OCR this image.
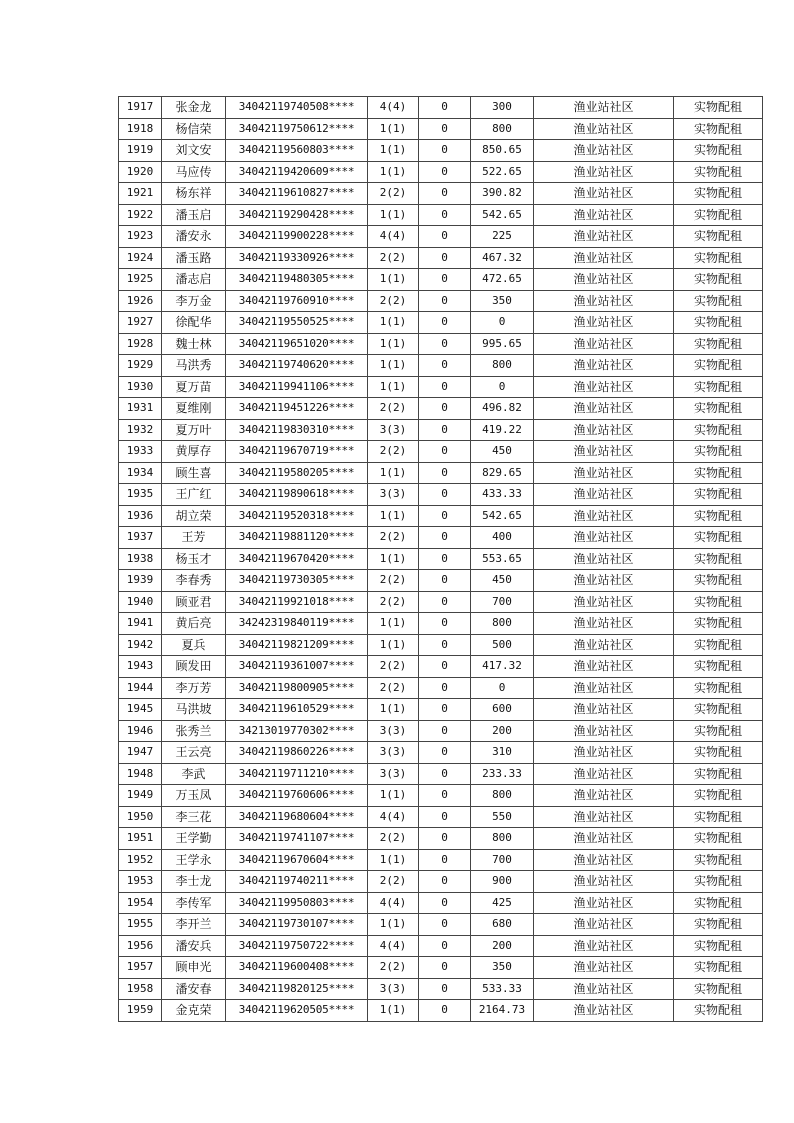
1917	张金龙	34042119740508****	4(4)	0	300	渔业站社区	实物配租
1918	杨信荣	34042119750612****	1(1)	0	800	渔业站社区	实物配租
1919	刘文安	34042119560803****	1(1)	0	850.65	渔业站社区	实物配租
1920	马应传	34042119420609****	1(1)	0	522.65	渔业站社区	实物配租
1921	杨东祥	34042119610827****	2(2)	0	390.82	渔业站社区	实物配租
1922	潘玉启	34042119290428****	1(1)	0	542.65	渔业站社区	实物配租
1923	潘安永	34042119900228****	4(4)	0	225	渔业站社区	实物配租
1924	潘玉路	34042119330926****	2(2)	0	467.32	渔业站社区	实物配租
1925	潘志启	34042119480305****	1(1)	0	472.65	渔业站社区	实物配租
1926	李万金	34042119760910****	2(2)	0	350	渔业站社区	实物配租
1927	徐配华	34042119550525****	1(1)	0	0	渔业站社区	实物配租
1928	魏士林	34042119651020****	1(1)	0	995.65	渔业站社区	实物配租
1929	马洪秀	34042119740620****	1(1)	0	800	渔业站社区	实物配租
1930	夏万苗	34042119941106****	1(1)	0	0	渔业站社区	实物配租
1931	夏维刚	34042119451226****	2(2)	0	496.82	渔业站社区	实物配租
1932	夏万叶	34042119830310****	3(3)	0	419.22	渔业站社区	实物配租
1933	黄厚存	34042119670719****	2(2)	0	450	渔业站社区	实物配租
1934	顾生喜	34042119580205****	1(1)	0	829.65	渔业站社区	实物配租
1935	王广红	34042119890618****	3(3)	0	433.33	渔业站社区	实物配租
1936	胡立荣	34042119520318****	1(1)	0	542.65	渔业站社区	实物配租
1937	王芳	34042119881120****	2(2)	0	400	渔业站社区	实物配租
1938	杨玉才	34042119670420****	1(1)	0	553.65	渔业站社区	实物配租
1939	李春秀	34042119730305****	2(2)	0	450	渔业站社区	实物配租
1940	顾亚君	34042119921018****	2(2)	0	700	渔业站社区	实物配租
1941	黄后亮	34242319840119****	1(1)	0	800	渔业站社区	实物配租
1942	夏兵	34042119821209****	1(1)	0	500	渔业站社区	实物配租
1943	顾发田	34042119361007****	2(2)	0	417.32	渔业站社区	实物配租
1944	李万芳	34042119800905****	2(2)	0	0	渔业站社区	实物配租
1945	马洪坡	34042119610529****	1(1)	0	600	渔业站社区	实物配租
1946	张秀兰	34213019770302****	3(3)	0	200	渔业站社区	实物配租
1947	王云亮	34042119860226****	3(3)	0	310	渔业站社区	实物配租
1948	李武	34042119711210****	3(3)	0	233.33	渔业站社区	实物配租
1949	万玉凤	34042119760606****	1(1)	0	800	渔业站社区	实物配租
1950	李三花	34042119680604****	4(4)	0	550	渔业站社区	实物配租
1951	王学勤	34042119741107****	2(2)	0	800	渔业站社区	实物配租
1952	王学永	34042119670604****	1(1)	0	700	渔业站社区	实物配租
1953	李士龙	34042119740211****	2(2)	0	900	渔业站社区	实物配租
1954	李传军	34042119950803****	4(4)	0	425	渔业站社区	实物配租
1955	李开兰	34042119730107****	1(1)	0	680	渔业站社区	实物配租
1956	潘安兵	34042119750722****	4(4)	0	200	渔业站社区	实物配租
1957	顾申光	34042119600408****	2(2)	0	350	渔业站社区	实物配租
1958	潘安春	34042119820125****	3(3)	0	533.33	渔业站社区	实物配租
1959	金克荣	34042119620505****	1(1)	0	2164.73	渔业站社区	实物配租
